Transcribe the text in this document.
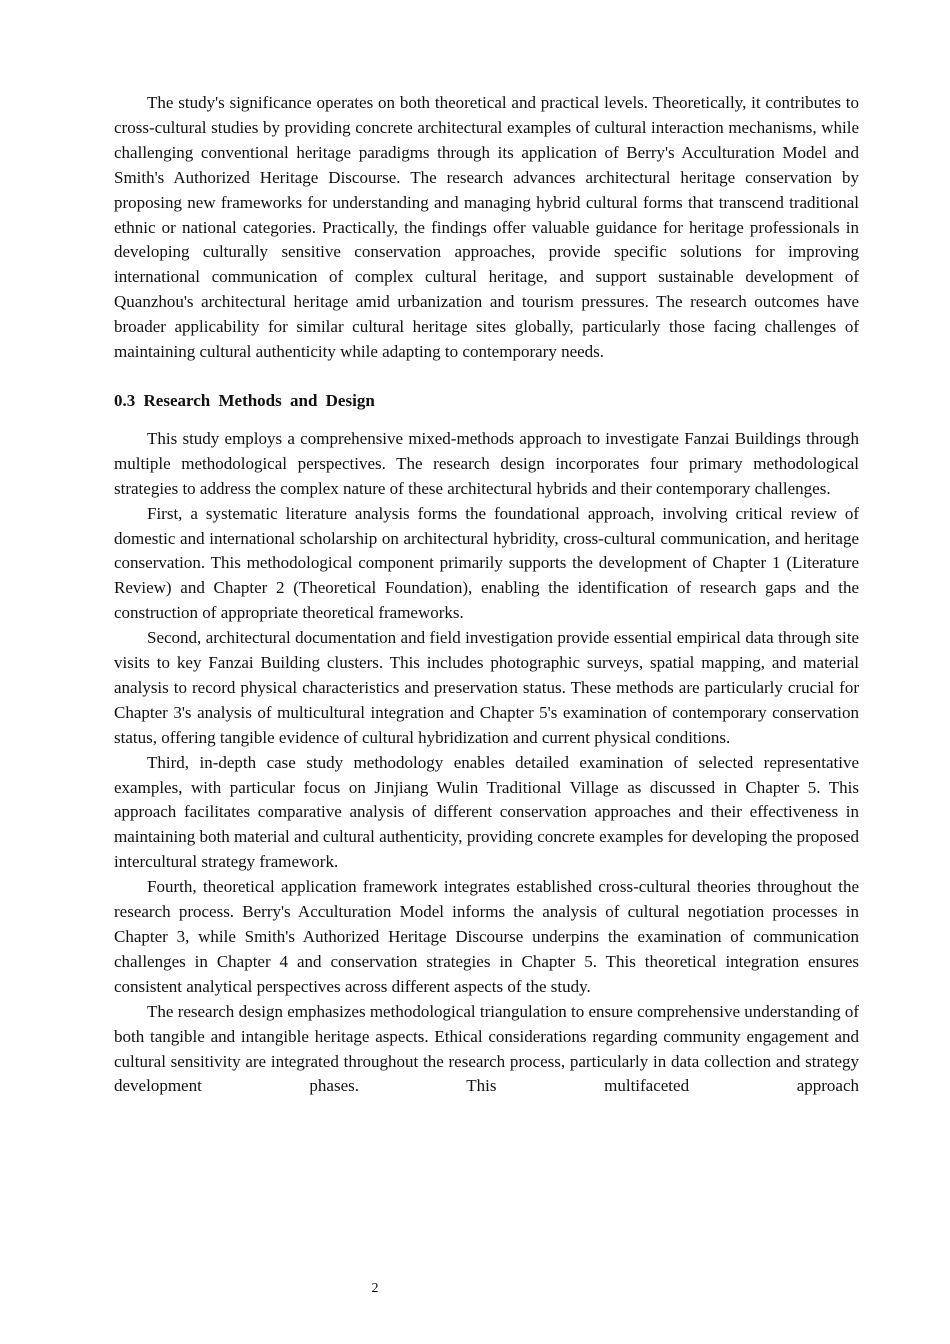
The study's significance operates on both theoretical and practical levels. Theoretically, it contributes to cross-cultural studies by providing concrete architectural examples of cultural interaction mechanisms, while challenging conventional heritage paradigms through its application of Berry's Acculturation Model and Smith's Authorized Heritage Discourse. The research advances architectural heritage conservation by proposing new frameworks for understanding and managing hybrid cultural forms that transcend traditional ethnic or national categories. Practically, the findings offer valuable guidance for heritage professionals in developing culturally sensitive conservation approaches, provide specific solutions for improving international communication of complex cultural heritage, and support sustainable development of Quanzhou's architectural heritage amid urbanization and tourism pressures. The research outcomes have broader applicability for similar cultural heritage sites globally, particularly those facing challenges of maintaining cultural authenticity while adapting to contemporary needs.

0.3 Research Methods and Design

This study employs a comprehensive mixed-methods approach to investigate Fanzai Buildings through multiple methodological perspectives. The research design incorporates four primary methodological strategies to address the complex nature of these architectural hybrids and their contemporary challenges.

First, a systematic literature analysis forms the foundational approach, involving critical review of domestic and international scholarship on architectural hybridity, cross-cultural communication, and heritage conservation. This methodological component primarily supports the development of Chapter 1 (Literature Review) and Chapter 2 (Theoretical Foundation), enabling the identification of research gaps and the construction of appropriate theoretical frameworks.

Second, architectural documentation and field investigation provide essential empirical data through site visits to key Fanzai Building clusters. This includes photographic surveys, spatial mapping, and material analysis to record physical characteristics and preservation status. These methods are particularly crucial for Chapter 3's analysis of multicultural integration and Chapter 5's examination of contemporary conservation status, offering tangible evidence of cultural hybridization and current physical conditions.

Third, in-depth case study methodology enables detailed examination of selected representative examples, with particular focus on Jinjiang Wulin Traditional Village as discussed in Chapter 5. This approach facilitates comparative analysis of different conservation approaches and their effectiveness in maintaining both material and cultural authenticity, providing concrete examples for developing the proposed intercultural strategy framework.

Fourth, theoretical application framework integrates established cross-cultural theories throughout the research process. Berry's Acculturation Model informs the analysis of cultural negotiation processes in Chapter 3, while Smith's Authorized Heritage Discourse underpins the examination of communication challenges in Chapter 4 and conservation strategies in Chapter 5. This theoretical integration ensures consistent analytical perspectives across different aspects of the study.

The research design emphasizes methodological triangulation to ensure comprehensive understanding of both tangible and intangible heritage aspects. Ethical considerations regarding community engagement and cultural sensitivity are integrated throughout the research process, particularly in data collection and strategy development phases. This multifaceted approach

2
